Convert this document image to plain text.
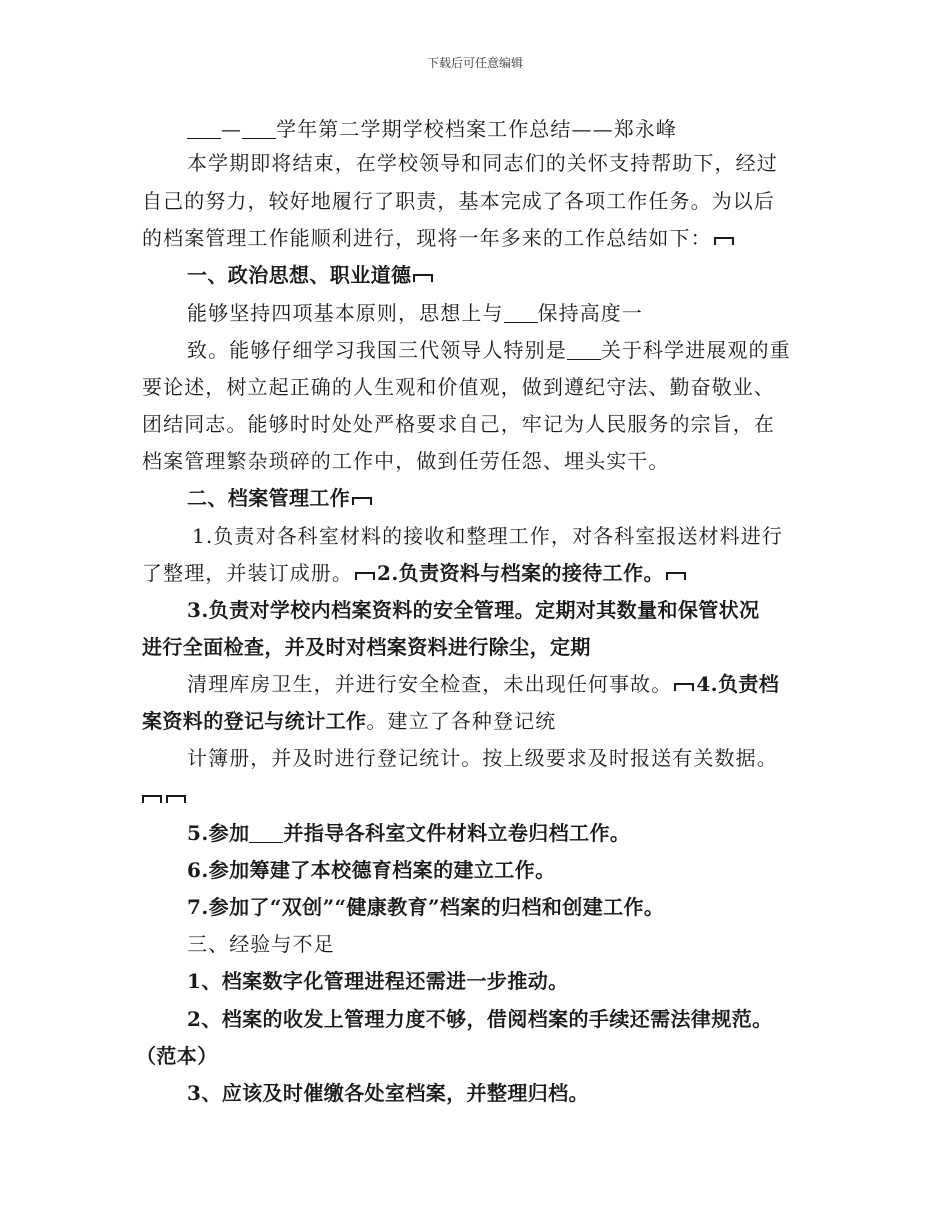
下载后可任意编辑
— 学年第二学期学校档案工作总结——郑永峰
本学期即将结束，在学校领导和同志们的关怀支持帮助下，经过
自己的努力，较好地履行了职责，基本完成了各项工作任务。为以后
的档案管理工作能顺利进行，现将一年多来的工作总结如下：
一、政治思想、职业道德
能够坚持四项基本原则，思想上与 保持高度一
致。能够仔细学习我国三代领导人特别是 关于科学进展观的重
要论述，树立起正确的人生观和价值观，做到遵纪守法、勤奋敬业、
团结同志。能够时时处处严格要求自己，牢记为人民服务的宗旨，在
档案管理繁杂琐碎的工作中，做到任劳任怨、埋头实干。
二、档案管理工作
1.负责对各科室材料的接收和整理工作，对各科室报送材料进行
了整理，并装订成册。 2.负责资料与档案的接待工作。
3.负责对学校内档案资料的安全管理。定期对其数量和保管状况
进行全面检查，并及时对档案资料进行除尘，定期
清理库房卫生，并进行安全检查，未出现任何事故。 4.负责档
案资料的登记与统计工作。建立了各种登记统
计簿册，并及时进行登记统计。按上级要求及时报送有关数据。
5.参加 并指导各科室文件材料立卷归档工作。
6.参加筹建了本校德育档案的建立工作。
7.参加了“双创”“健康教育”档案的归档和创建工作。
三、经验与不足
1、档案数字化管理进程还需进一步推动。
2、档案的收发上管理力度不够，借阅档案的手续还需法律规范。
（范本）
3、应该及时催缴各处室档案，并整理归档。
